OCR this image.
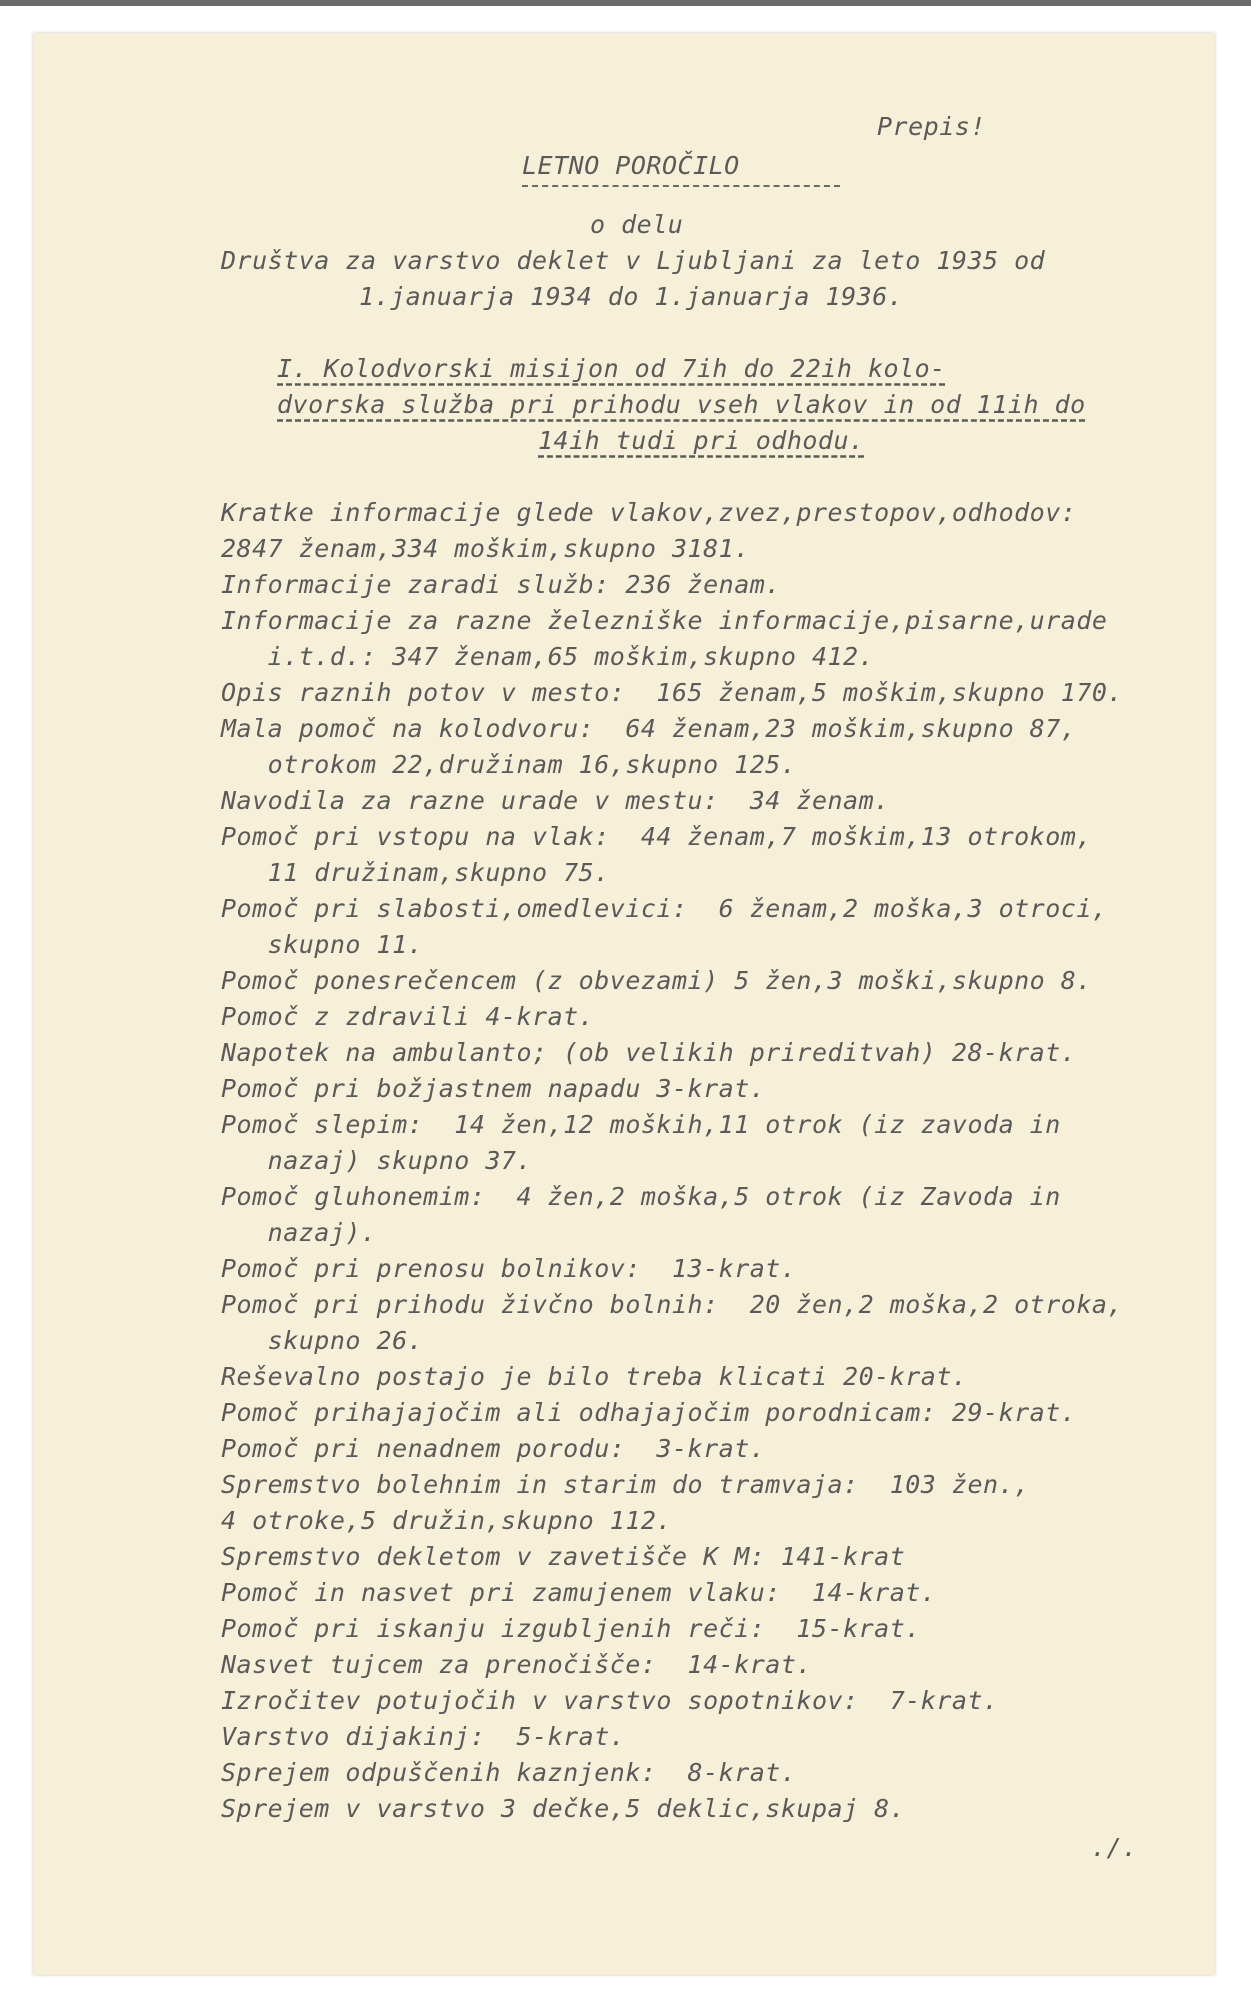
Prepis!
LETNO POROČILO
o delu
Društva za varstvo deklet v Ljubljani za leto 1935 od
1.januarja 1934 do 1.januarja 1936.
I. Kolodvorski misijon od 7ih do 22ih kolo-
dvorska služba pri prihodu vseh vlakov in od 11ih do
14ih tudi pri odhodu.
Kratke informacije glede vlakov,zvez,prestopov,odhodov:
2847 ženam,334 moškim,skupno 3181.
Informacije zaradi služb: 236 ženam.
Informacije za razne železniške informacije,pisarne,urade
i.t.d.: 347 ženam,65 moškim,skupno 412.
Opis raznih potov v mesto:  165 ženam,5 moškim,skupno 170.
Mala pomoč na kolodvoru:  64 ženam,23 moškim,skupno 87,
otrokom 22,družinam 16,skupno 125.
Navodila za razne urade v mestu:  34 ženam.
Pomoč pri vstopu na vlak:  44 ženam,7 moškim,13 otrokom,
11 družinam,skupno 75.
Pomoč pri slabosti,omedlevici:  6 ženam,2 moška,3 otroci,
skupno 11.
Pomoč ponesrečencem (z obvezami) 5 žen,3 moški,skupno 8.
Pomoč z zdravili 4-krat.
Napotek na ambulanto; (ob velikih prireditvah) 28-krat.
Pomoč pri božjastnem napadu 3-krat.
Pomoč slepim:  14 žen,12 moških,11 otrok (iz zavoda in
nazaj) skupno 37.
Pomoč gluhonemim:  4 žen,2 moška,5 otrok (iz Zavoda in
nazaj).
Pomoč pri prenosu bolnikov:  13-krat.
Pomoč pri prihodu živčno bolnih:  20 žen,2 moška,2 otroka,
skupno 26.
Reševalno postajo je bilo treba klicati 20-krat.
Pomoč prihajajočim ali odhajajočim porodnicam: 29-krat.
Pomoč pri nenadnem porodu:  3-krat.
Spremstvo bolehnim in starim do tramvaja:  103 žen.,
4 otroke,5 družin,skupno 112.
Spremstvo dekletom v zavetišče K M: 141-krat
Pomoč in nasvet pri zamujenem vlaku:  14-krat.
Pomoč pri iskanju izgubljenih reči:  15-krat.
Nasvet tujcem za prenočišče:  14-krat.
Izročitev potujočih v varstvo sopotnikov:  7-krat.
Varstvo dijakinj:  5-krat.
Sprejem odpuščenih kaznjenk:  8-krat.
Sprejem v varstvo 3 dečke,5 deklic,skupaj 8.
./.
